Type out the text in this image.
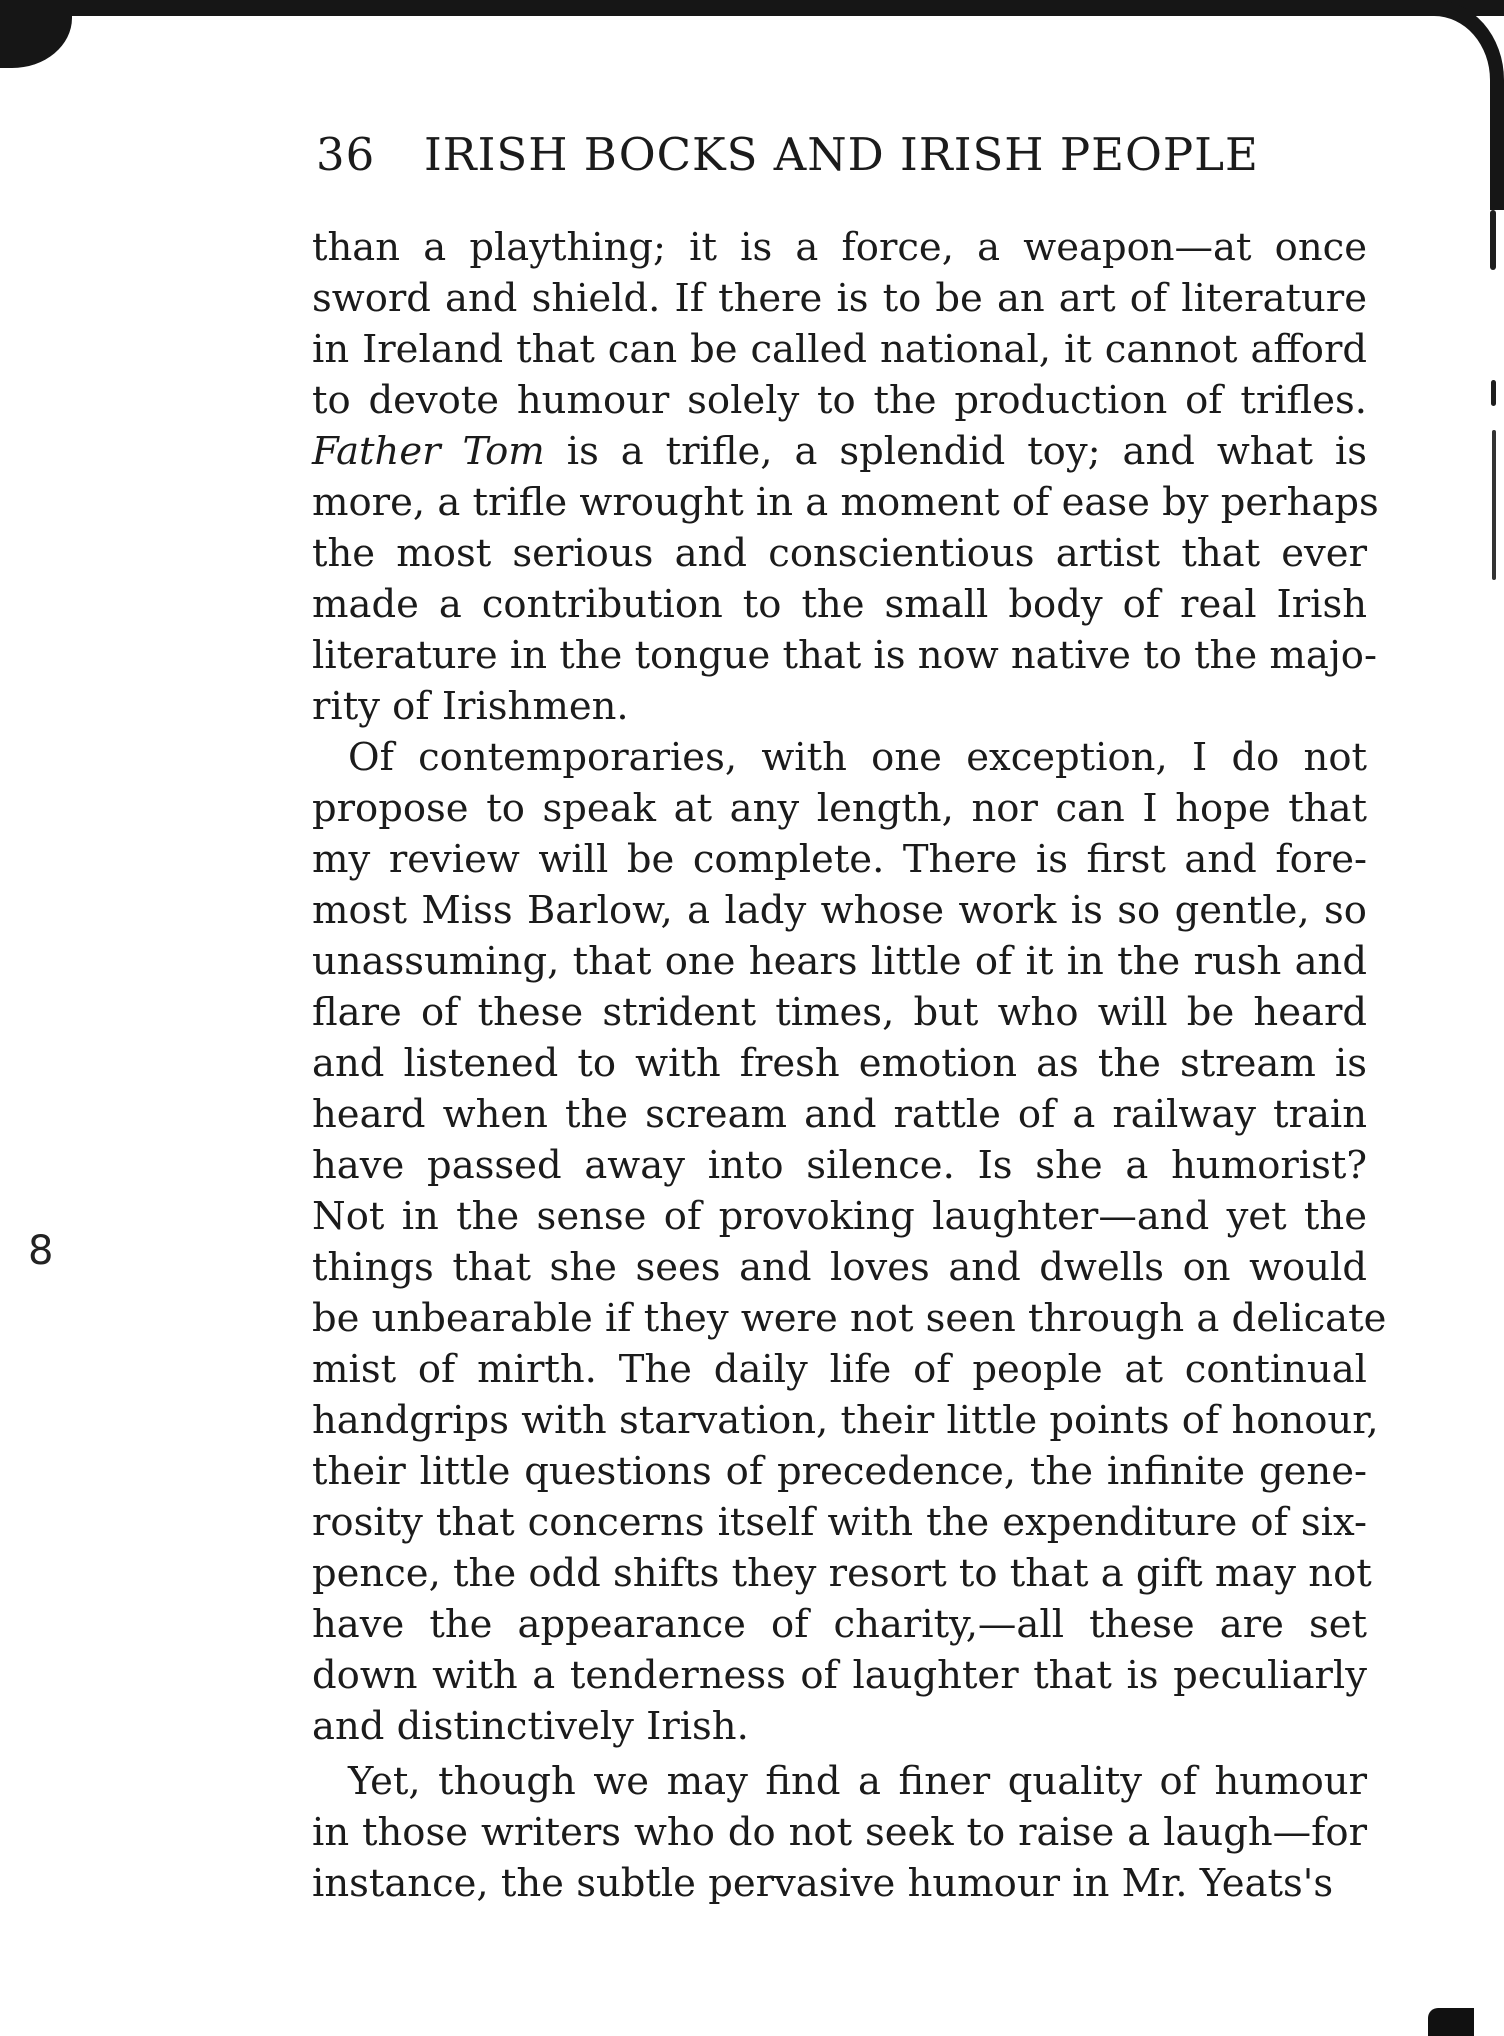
36 IRISH BOCKS AND IRISH PEOPLE
8
than a plaything; it is a force, a weapon—at once
sword and shield. If there is to be an art of literature
in Ireland that can be called national, it cannot afford
to devote humour solely to the production of trifles.
Father Tom is a trifle, a splendid toy; and what is
more, a trifle wrought in a moment of ease by perhaps
the most serious and conscientious artist that ever
made a contribution to the small body of real Irish
literature in the tongue that is now native to the majo-
rity of Irishmen.
Of contemporaries, with one exception, I do not
propose to speak at any length, nor can I hope that
my review will be complete. There is first and fore-
most Miss Barlow, a lady whose work is so gentle, so
unassuming, that one hears little of it in the rush and
flare of these strident times, but who will be heard
and listened to with fresh emotion as the stream is
heard when the scream and rattle of a railway train
have passed away into silence. Is she a humorist?
Not in the sense of provoking laughter—and yet the
things that she sees and loves and dwells on would
be unbearable if they were not seen through a delicate
mist of mirth. The daily life of people at continual
handgrips with starvation, their little points of honour,
their little questions of precedence, the infinite gene-
rosity that concerns itself with the expenditure of six-
pence, the odd shifts they resort to that a gift may not
have the appearance of charity,—all these are set
down with a tenderness of laughter that is peculiarly
and distinctively Irish.
Yet, though we may find a finer quality of humour
in those writers who do not seek to raise a laugh—for
instance, the subtle pervasive humour in Mr. Yeats's
